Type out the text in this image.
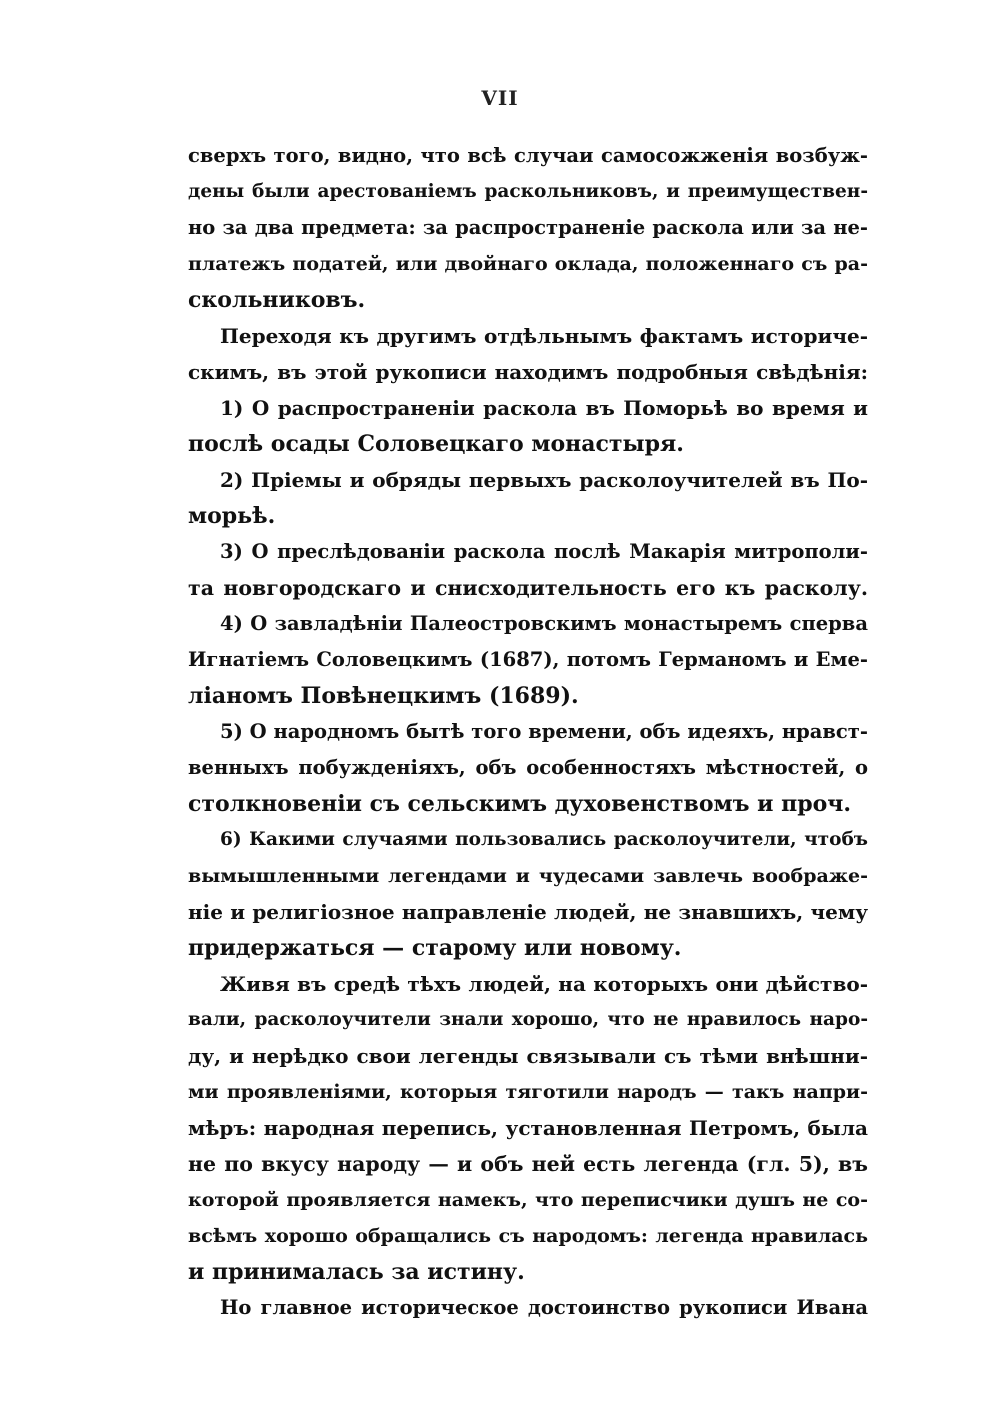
VII
сверхъ того, видно, что всѣ случаи самосожженія возбуж-
дены были арестованіемъ раскольниковъ, и преимуществен-
но за два предмета: за распространеніе раскола или за не-
платежъ податей, или двойнаго оклада, положеннаго съ ра-
скольниковъ.
Переходя къ другимъ отдѣльнымъ фактамъ историче-
скимъ, въ этой рукописи находимъ подробныя свѣдѣнія:
1) О распространеніи раскола въ Поморьѣ во время и
послѣ осады Соловецкаго монастыря.
2) Пріемы и обряды первыхъ расколоучителей въ По-
морьѣ.
3) О преслѣдованіи раскола послѣ Макарія митрополи-
та новгородскаго и снисходительность его къ расколу.
4) О завладѣніи Палеостровскимъ монастыремъ сперва
Игнатіемъ Соловецкимъ (1687), потомъ Германомъ и Еме-
ліаномъ Повѣнецкимъ (1689).
5) О народномъ бытѣ того времени, объ идеяхъ, нравст-
венныхъ побужденіяхъ, объ особенностяхъ мѣстностей, о
столкновеніи съ сельскимъ духовенствомъ и проч.
6) Какими случаями пользовались расколоучители, чтобъ
вымышленными легендами и чудесами завлечь воображе-
ніе и религіозное направленіе людей, не знавшихъ, чему
придержаться — старому или новому.
Живя въ средѣ тѣхъ людей, на которыхъ они дѣйство-
вали, расколоучители знали хорошо, что не нравилось наро-
ду, и нерѣдко свои легенды связывали съ тѣми внѣшни-
ми проявленіями, которыя тяготили народъ — такъ напри-
мѣръ: народная перепись, установленная Петромъ, была
не по вкусу народу — и объ ней есть легенда (гл. 5), въ
которой проявляется намекъ, что переписчики душъ не со-
всѣмъ хорошо обращались съ народомъ: легенда нравилась
и принималась за истину.
Но главное историческое достоинство рукописи Ивана
